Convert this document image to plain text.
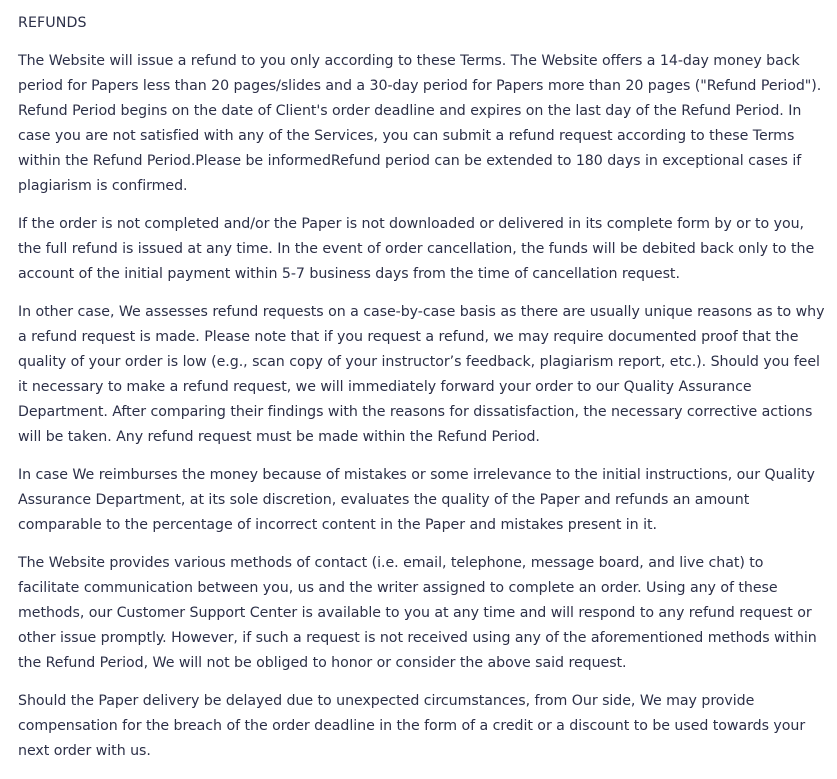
REFUNDS

The Website will issue a refund to you only according to these Terms. The Website offers a 14-day money back period for Papers less than 20 pages/slides and a 30-day period for Papers more than 20 pages ("Refund Period"). Refund Period begins on the date of Client's order deadline and expires on the last day of the Refund Period. In case you are not satisfied with any of the Services, you can submit a refund request according to these Terms within the Refund Period.Please be informedRefund period can be extended to 180 days in exceptional cases if plagiarism is confirmed.

If the order is not completed and/or the Paper is not downloaded or delivered in its complete form by or to you, the full refund is issued at any time. In the event of order cancellation, the funds will be debited back only to the account of the initial payment within 5-7 business days from the time of cancellation request.

In other case, We assesses refund requests on a case-by-case basis as there are usually unique reasons as to why a refund request is made. Please note that if you request a refund, we may require documented proof that the quality of your order is low (e.g., scan copy of your instructor’s feedback, plagiarism report, etc.). Should you feel it necessary to make a refund request, we will immediately forward your order to our Quality Assurance Department. After comparing their findings with the reasons for dissatisfaction, the necessary corrective actions will be taken. Any refund request must be made within the Refund Period.

In case We reimburses the money because of mistakes or some irrelevance to the initial instructions, our Quality Assurance Department, at its sole discretion, evaluates the quality of the Paper and refunds an amount comparable to the percentage of incorrect content in the Paper and mistakes present in it.

The Website provides various methods of contact (i.e. email, telephone, message board, and live chat) to facilitate communication between you, us and the writer assigned to complete an order. Using any of these methods, our Customer Support Center is available to you at any time and will respond to any refund request or other issue promptly. However, if such a request is not received using any of the aforementioned methods within the Refund Period, We will not be obliged to honor or consider the above said request.

Should the Paper delivery be delayed due to unexpected circumstances, from Our side, We may provide compensation for the breach of the order deadline in the form of a credit or a discount to be used towards your next order with us.
